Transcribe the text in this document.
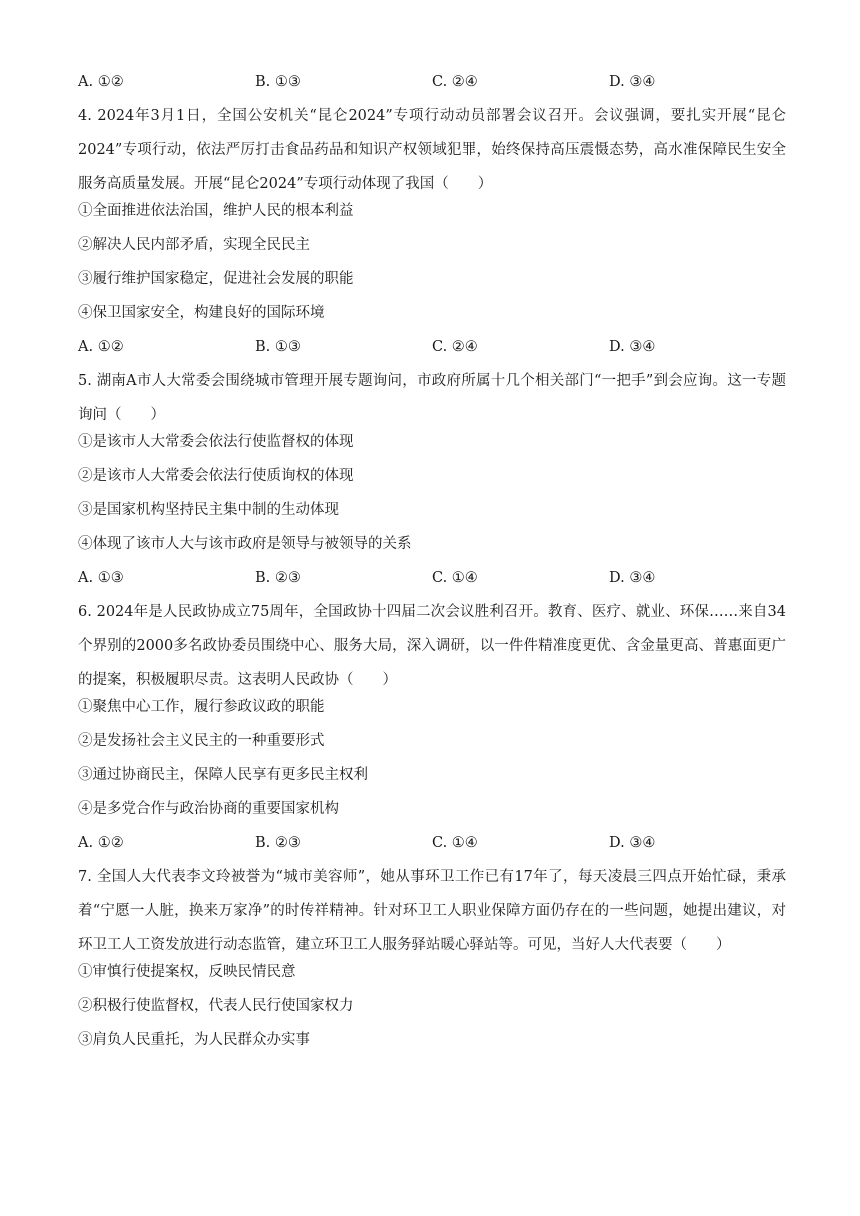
A. ①②	B. ①③	C. ②④	D. ③④
4. 2024年3月1日，全国公安机关“昆仑2024”专项行动动员部署会议召开。会议强调，要扎实开展“昆仑2024”专项行动，依法严厉打击食品药品和知识产权领域犯罪，始终保持高压震慑态势，高水准保障民生安全服务高质量发展。开展“昆仑2024”专项行动体现了我国（　　）
①全面推进依法治国，维护人民的根本利益
②解决人民内部矛盾，实现全民民主
③履行维护国家稳定，促进社会发展的职能
④保卫国家安全，构建良好的国际环境
A. ①②	B. ①③	C. ②④	D. ③④
5. 湖南A市人大常委会围绕城市管理开展专题询问，市政府所属十几个相关部门“一把手”到会应询。这一专题询问（　　）
①是该市人大常委会依法行使监督权的体现
②是该市人大常委会依法行使质询权的体现
③是国家机构坚持民主集中制的生动体现
④体现了该市人大与该市政府是领导与被领导的关系
A. ①③	B. ②③	C. ①④	D. ③④
6. 2024年是人民政协成立75周年，全国政协十四届二次会议胜利召开。教育、医疗、就业、环保……来自34个界别的2000多名政协委员围绕中心、服务大局，深入调研，以一件件精准度更优、含金量更高、普惠面更广的提案，积极履职尽责。这表明人民政协（　　）
①聚焦中心工作，履行参政议政的职能
②是发扬社会主义民主的一种重要形式
③通过协商民主，保障人民享有更多民主权利
④是多党合作与政治协商的重要国家机构
A. ①②	B. ②③	C. ①④	D. ③④
7. 全国人大代表李文玲被誉为“城市美容师”，她从事环卫工作已有17年了，每天凌晨三四点开始忙碌，秉承着“宁愿一人脏，换来万家净”的时传祥精神。针对环卫工人职业保障方面仍存在的一些问题，她提出建议，对环卫工人工资发放进行动态监管，建立环卫工人服务驿站暖心驿站等。可见，当好人大代表要（　　）
①审慎行使提案权，反映民情民意
②积极行使监督权，代表人民行使国家权力
③肩负人民重托，为人民群众办实事
